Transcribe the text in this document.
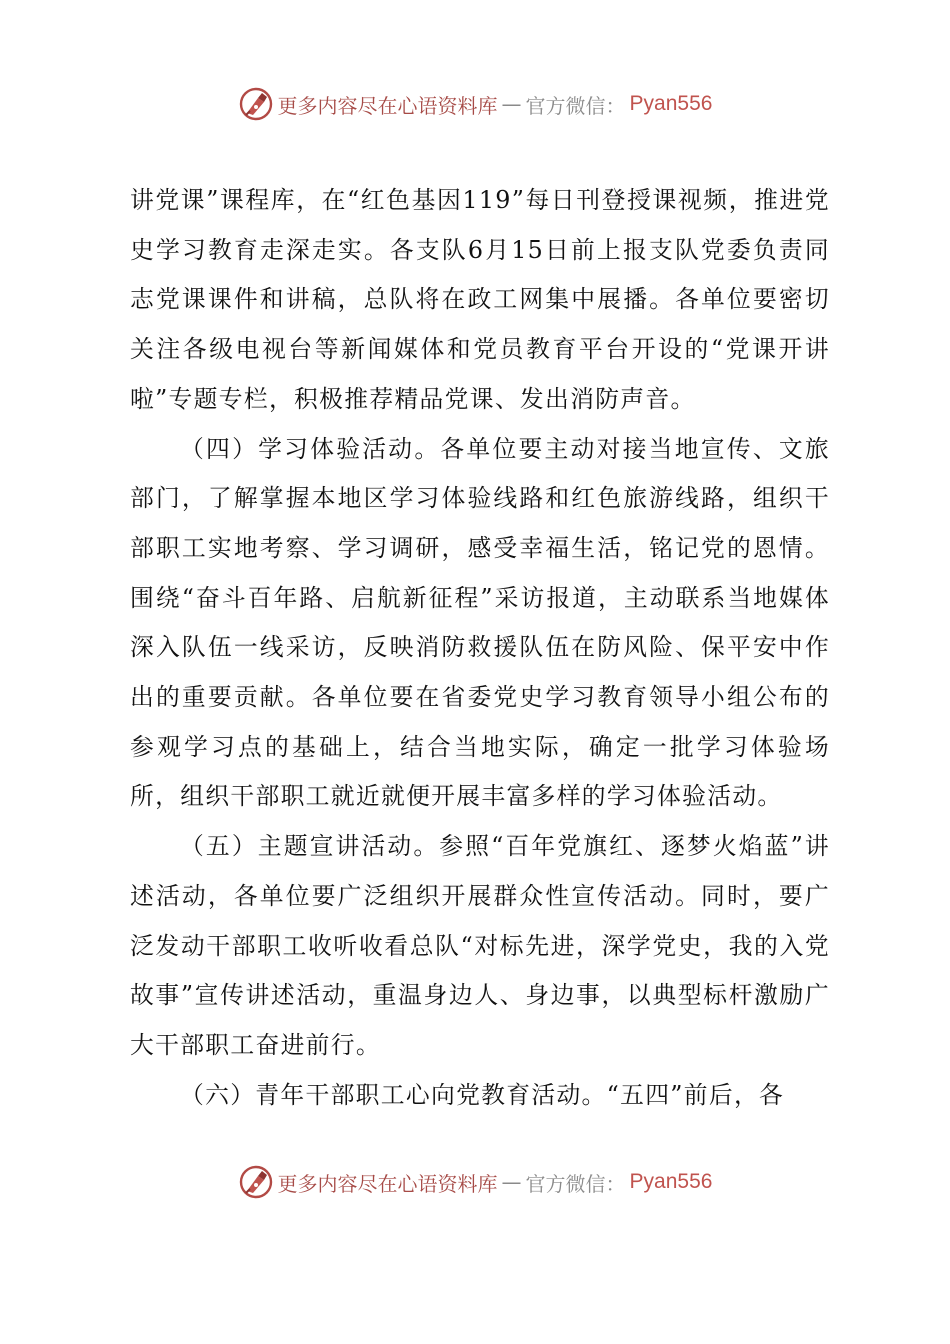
更多内容尽在心语资料库 — 官方微信： Pyan556

讲党课”课程库，在“红色基因119”每日刊登授课视频，推进党史学习教育走深走实。各支队6月15日前上报支队党委负责同志党课课件和讲稿，总队将在政工网集中展播。各单位要密切关注各级电视台等新闻媒体和党员教育平台开设的“党课开讲啦”专题专栏，积极推荐精品党课、发出消防声音。

（四）学习体验活动。各单位要主动对接当地宣传、文旅部门，了解掌握本地区学习体验线路和红色旅游线路，组织干部职工实地考察、学习调研，感受幸福生活，铭记党的恩情。围绕“奋斗百年路、启航新征程”采访报道，主动联系当地媒体深入队伍一线采访，反映消防救援队伍在防风险、保平安中作出的重要贡献。各单位要在省委党史学习教育领导小组公布的参观学习点的基础上，结合当地实际，确定一批学习体验场所，组织干部职工就近就便开展丰富多样的学习体验活动。

（五）主题宣讲活动。参照“百年党旗红、逐梦火焰蓝”讲述活动，各单位要广泛组织开展群众性宣传活动。同时，要广泛发动干部职工收听收看总队“对标先进，深学党史，我的入党故事”宣传讲述活动，重温身边人、身边事，以典型标杆激励广大干部职工奋进前行。

（六）青年干部职工心向党教育活动。“五四”前后，各

更多内容尽在心语资料库 — 官方微信： Pyan556
